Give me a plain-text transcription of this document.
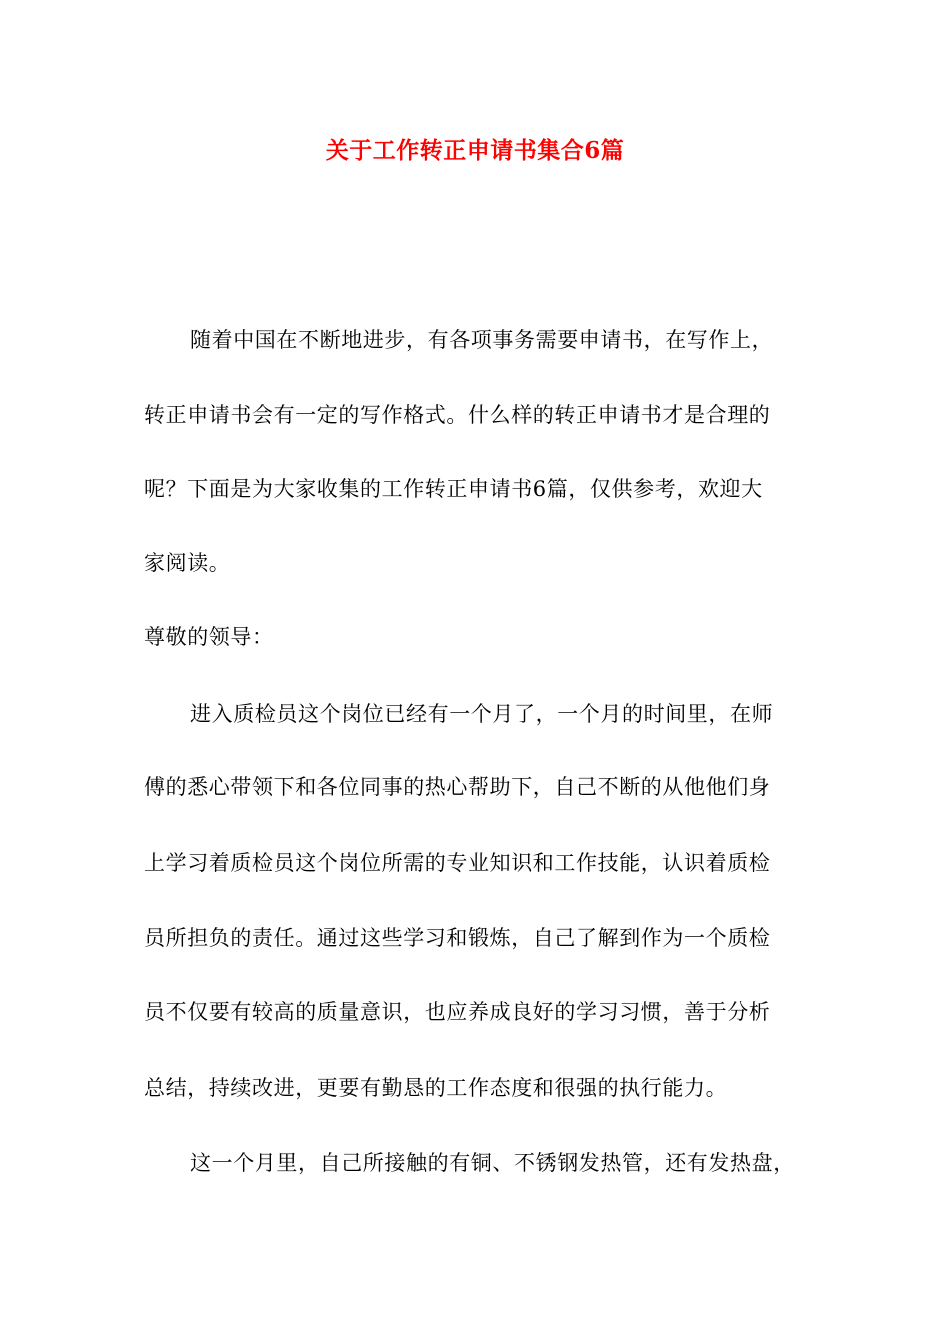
关于工作转正申请书集合6篇
随着中国在不断地进步，有各项事务需要申请书，在写作上，
转正申请书会有一定的写作格式。什么样的转正申请书才是合理的
呢？下面是为大家收集的工作转正申请书6篇，仅供参考，欢迎大
家阅读。
尊敬的领导：
进入质检员这个岗位已经有一个月了，一个月的时间里，在师
傅的悉心带领下和各位同事的热心帮助下，自己不断的从他他们身
上学习着质检员这个岗位所需的专业知识和工作技能，认识着质检
员所担负的责任。通过这些学习和锻炼，自己了解到作为一个质检
员不仅要有较高的质量意识，也应养成良好的学习习惯，善于分析
总结，持续改进，更要有勤恳的工作态度和很强的执行能力。
这一个月里，自己所接触的有铜、不锈钢发热管，还有发热盘，
